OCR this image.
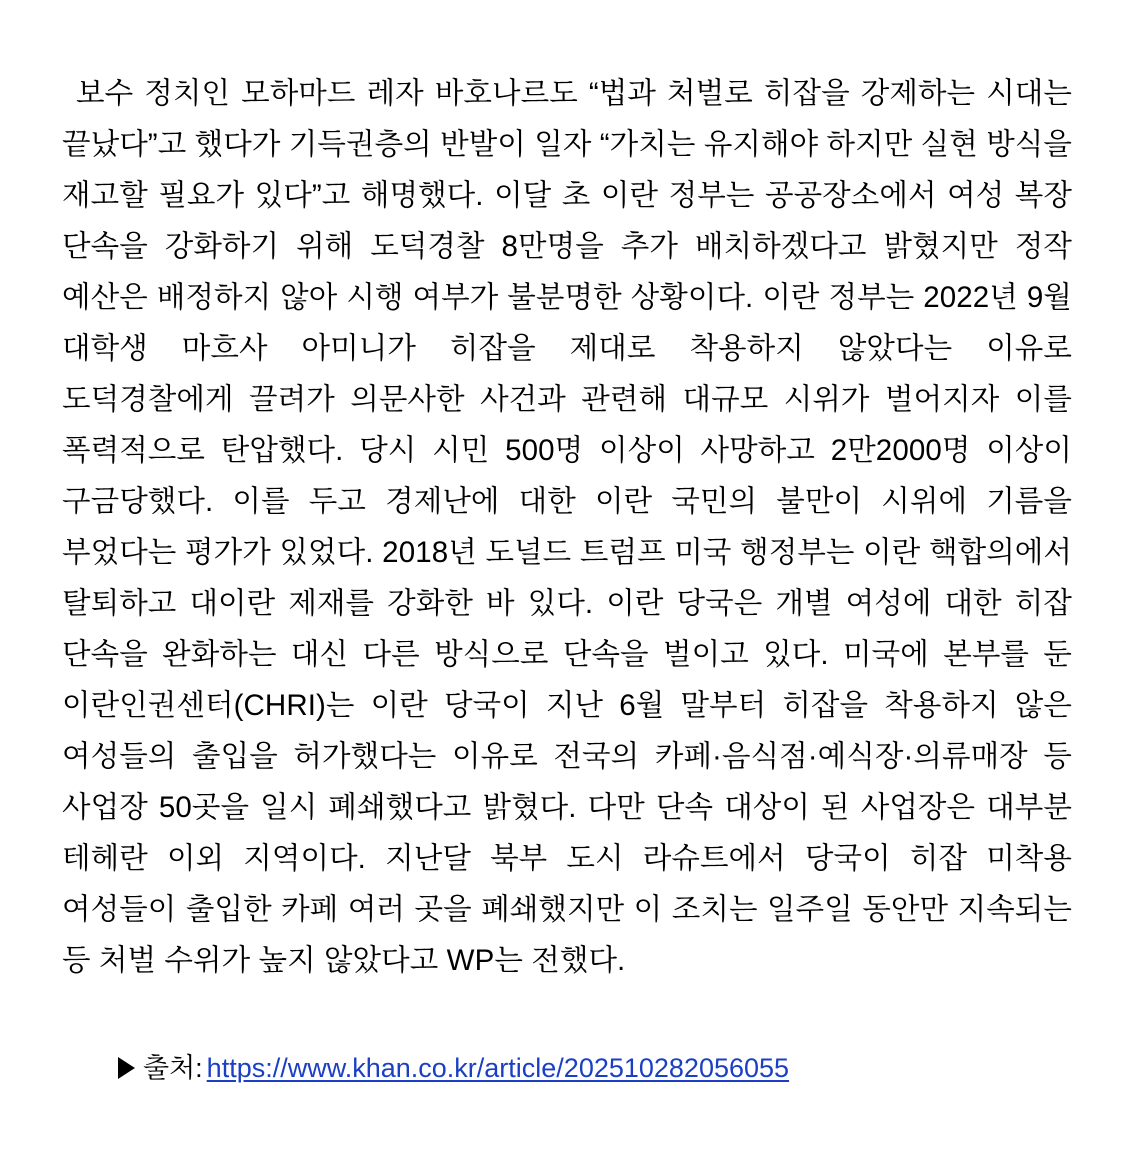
보수 정치인 모하마드 레자 바호나르도 “법과 처벌로 히잡을 강제하는 시대는 끝났다”고 했다가 기득권층의 반발이 일자 “가치는 유지해야 하지만 실현 방식을 재고할 필요가 있다”고 해명했다. 이달 초 이란 정부는 공공장소에서 여성 복장 단속을 강화하기 위해 도덕경찰 8만명을 추가 배치하겠다고 밝혔지만 정작 예산은 배정하지 않아 시행 여부가 불분명한 상황이다. 이란 정부는 2022년 9월 대학생 마흐사 아미니가 히잡을 제대로 착용하지 않았다는 이유로 도덕경찰에게 끌려가 의문사한 사건과 관련해 대규모 시위가 벌어지자 이를 폭력적으로 탄압했다. 당시 시민 500명 이상이 사망하고 2만2000명 이상이 구금당했다. 이를 두고 경제난에 대한 이란 국민의 불만이 시위에 기름을 부었다는 평가가 있었다. 2018년 도널드 트럼프 미국 행정부는 이란 핵합의에서 탈퇴하고 대이란 제재를 강화한 바 있다. 이란 당국은 개별 여성에 대한 히잡 단속을 완화하는 대신 다른 방식으로 단속을 벌이고 있다. 미국에 본부를 둔 이란인권센터(CHRI)는 이란 당국이 지난 6월 말부터 히잡을 착용하지 않은 여성들의 출입을 허가했다는 이유로 전국의 카페·음식점·예식장·의류매장 등 사업장 50곳을 일시 폐쇄했다고 밝혔다. 다만 단속 대상이 된 사업장은 대부분 테헤란 이외 지역이다. 지난달 북부 도시 라슈트에서 당국이 히잡 미착용 여성들이 출입한 카페 여러 곳을 폐쇄했지만 이 조치는 일주일 동안만 지속되는 등 처벌 수위가 높지 않았다고 WP는 전했다.

출처: https://www.khan.co.kr/article/202510282056055
